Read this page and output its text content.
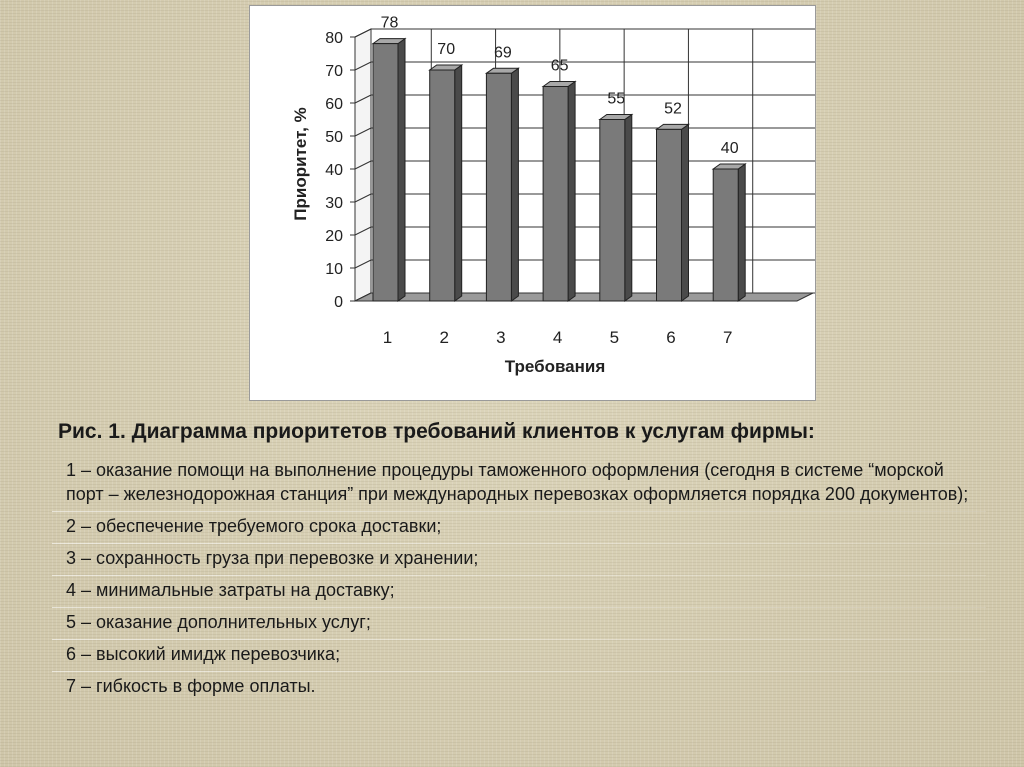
0
10
20
30
40
50
60
70
80
78
1
70
2
69
3
65
4
55
5
52
6
40
7
Требования
Приоритет, %
Рис. 1. Диаграмма приоритетов требований клиентов к услугам фирмы:
1 – оказание помощи на выполнение процедуры таможенного оформления (сегодня в системе “морской порт – железнодорожная станция” при международных перевозках оформляется порядка 200 документов);
2 – обеспечение требуемого срока доставки;
3 – сохранность груза при перевозке и хранении;
4 – минимальные затраты на доставку;
5 – оказание дополнительных услуг;
6 – высокий имидж перевозчика;
7 – гибкость в форме оплаты.
